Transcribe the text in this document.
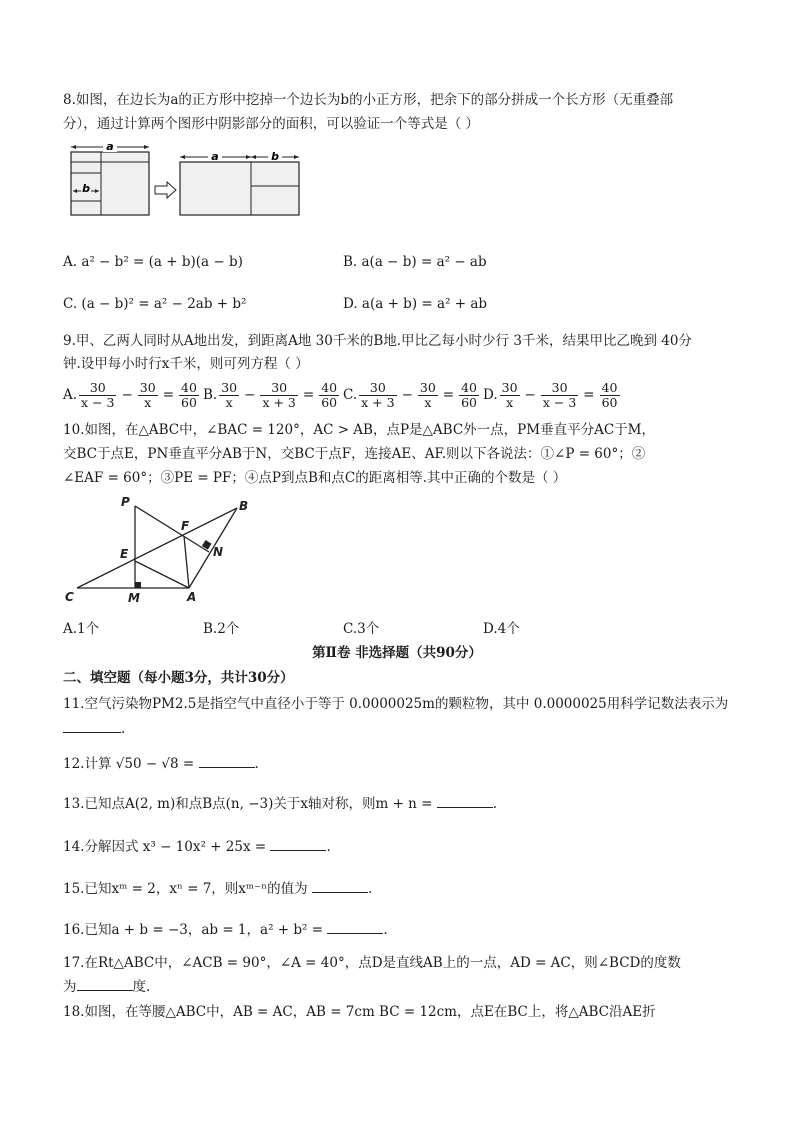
8.如图，在边长为a的正方形中挖掉一个边长为b的小正方形，把余下的部分拼成一个长方形（无重叠部
分），通过计算两个图形中阴影部分的面积，可以验证一个等式是（ ）
a
b
a	b
A. a² − b² = (a + b)(a − b)	B. a(a − b) = a² − ab
C. (a − b)² = a² − 2ab + b²	D. a(a + b) = a² + ab
9.甲、乙两人同时从A地出发，到距离A地 30千米的B地.甲比乙每小时少行 3千米，结果甲比乙晚到 40分
钟.设甲每小时行x千米，则可列方程（ ）
A. $\frac{30}{x - 3} - \frac{30}{x} = \frac{40}{60} B$. $\frac{30}{x} - \frac{30}{x + 3} = \frac{40}{60} C$. $\frac{30}{x + 3} - \frac{30}{x} = \frac{40}{60} D$. $\frac{30}{x} - \frac{30}{x - 3} = \frac{40}{60}$
10.如图，在△ABC中，∠BAC = 120°，AC > AB，点P是△ABC外一点，PM垂直平分AC于M，
交BC于点E，PN垂直平分AB于N，交BC于点F，连接AE、AF.则以下各说法：①∠P = 60°；②
∠EAF = 60°；③PE = PF；④点P到点B和点C的距离相等.其中正确的个数是（ ）
P	B
F
E	N
C	M	A
A.1个	B.2个	C.3个	D.4个
第Ⅱ卷 非选择题（共90分）
二、填空题（每小题3分，共计30分）
11.空气污染物PM2.5是指空气中直径小于等于 0.0000025m的颗粒物，其中 0.0000025用科学记数法表示为
.
12.计算 √50 − √8 =	.
13.已知点A(2, m)和点B点(n, −3)关于x轴对称，则m + n =	.
14.分解因式 x³ − 10x² + 25x =	.
15.已知xᵐ = 2，xⁿ = 7，则xᵐ⁻ⁿ的值为	.
16.已知a + b = −3，ab = 1，a² + b² =	.
17.在Rt△ABC中，∠ACB = 90°，∠A = 40°，点D是直线AB上的一点，AD = AC，则∠BCD的度数
为	度.
18.如图，在等腰△ABC中，AB = AC，AB = 7cm BC = 12cm，点E在BC上，将△ABC沿AE折
